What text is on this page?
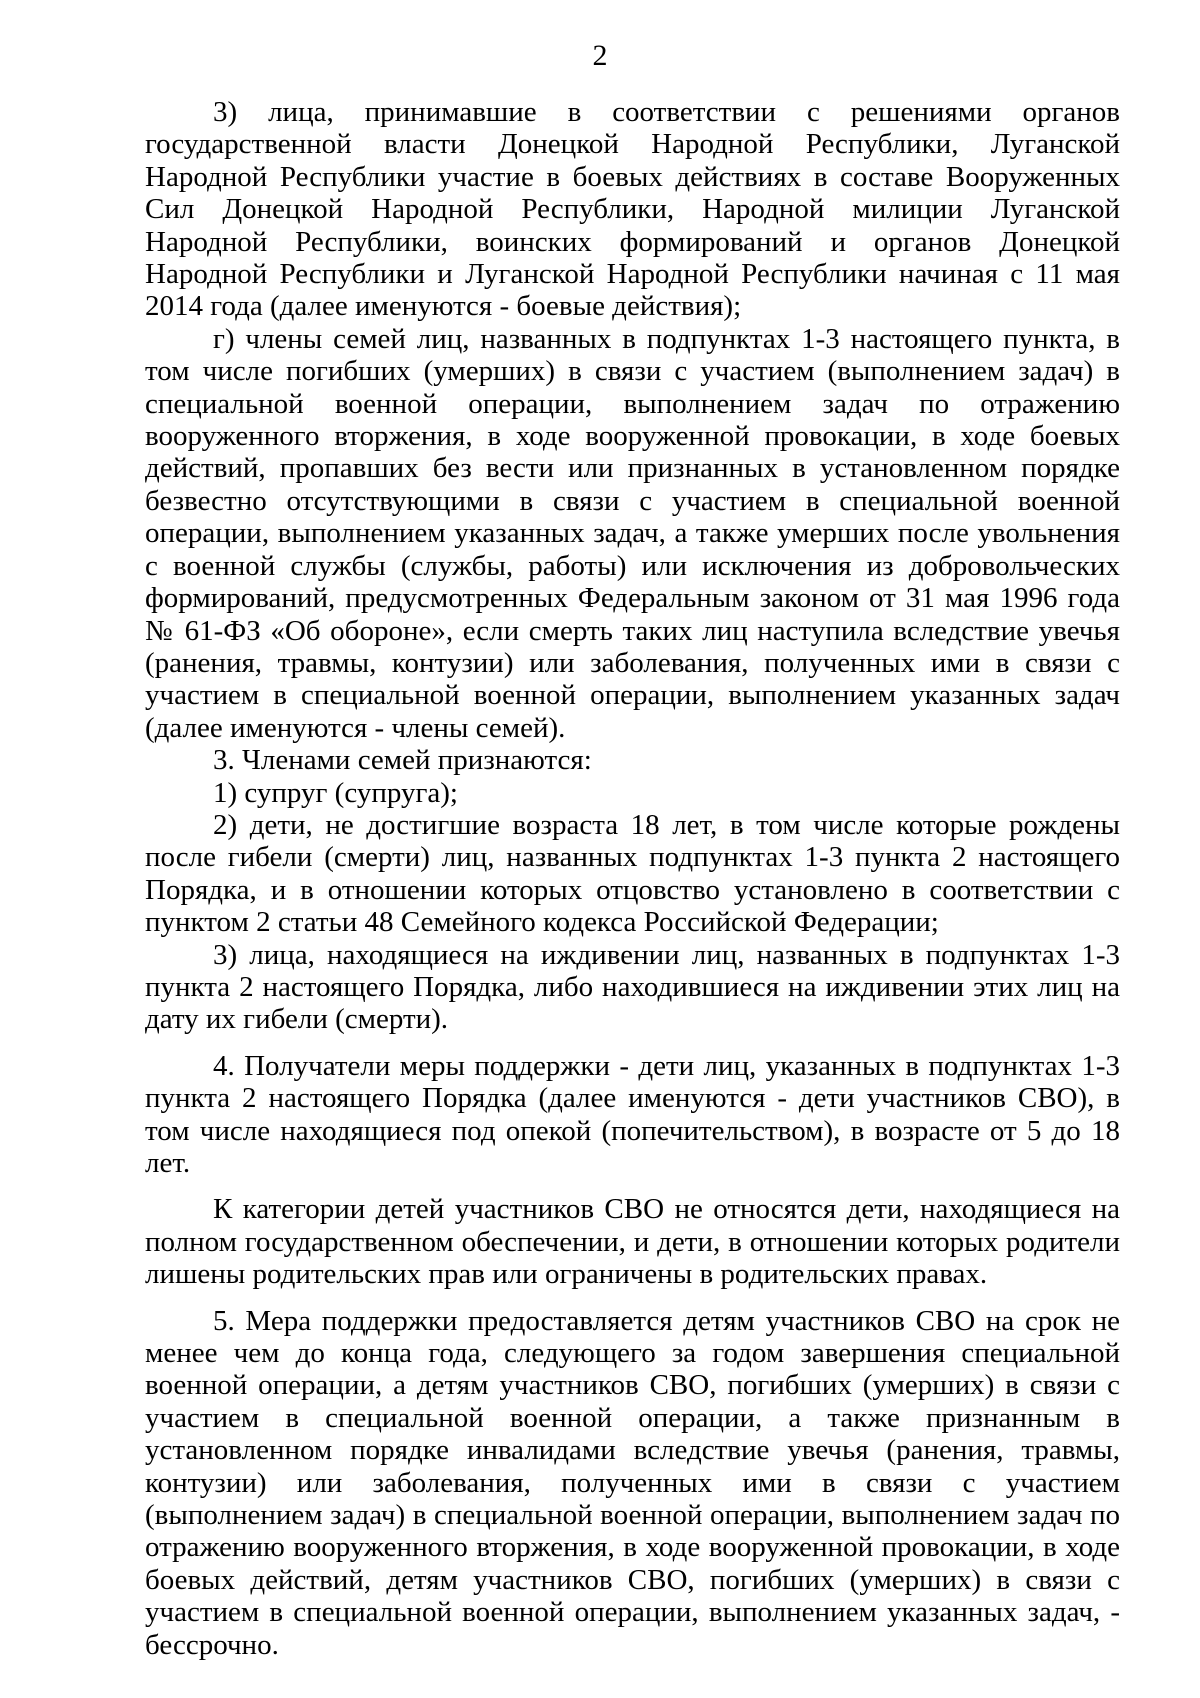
2

3) лица, принимавшие в соответствии с решениями органов государственной власти Донецкой Народной Республики, Луганской Народной Республики участие в боевых действиях в составе Вооруженных Сил Донецкой Народной Республики, Народной милиции Луганской Народной Республики, воинских формирований и органов Донецкой Народной Республики и Луганской Народной Республики начиная с 11 мая 2014 года (далее именуются - боевые действия);

г) члены семей лиц, названных в подпунктах 1-3 настоящего пункта, в том числе погибших (умерших) в связи с участием (выполнением задач) в специальной военной операции, выполнением задач по отражению вооруженного вторжения, в ходе вооруженной провокации, в ходе боевых действий, пропавших без вести или признанных в установленном порядке безвестно отсутствующими в связи с участием в специальной военной операции, выполнением указанных задач, а также умерших после увольнения с военной службы (службы, работы) или исключения из добровольческих формирований, предусмотренных Федеральным законом от 31 мая 1996 года № 61-ФЗ «Об обороне», если смерть таких лиц наступила вследствие увечья (ранения, травмы, контузии) или заболевания, полученных ими в связи с участием в специальной военной операции, выполнением указанных задач (далее именуются - члены семей).

3. Членами семей признаются:

1) супруг (супруга);

2) дети, не достигшие возраста 18 лет, в том числе которые рождены после гибели (смерти) лиц, названных подпунктах 1-3 пункта 2 настоящего Порядка, и в отношении которых отцовство установлено в соответствии с пунктом 2 статьи 48 Семейного кодекса Российской Федерации;

3) лица, находящиеся на иждивении лиц, названных в подпунктах 1-3 пункта 2 настоящего Порядка, либо находившиеся на иждивении этих лиц на дату их гибели (смерти).

4. Получатели меры поддержки - дети лиц, указанных в подпунктах 1-3 пункта 2 настоящего Порядка (далее именуются - дети участников СВО), в том числе находящиеся под опекой (попечительством), в возрасте от 5 до 18 лет.

К категории детей участников СВО не относятся дети, находящиеся на полном государственном обеспечении, и дети, в отношении которых родители лишены родительских прав или ограничены в родительских правах.

5. Мера поддержки предоставляется детям участников СВО на срок не менее чем до конца года, следующего за годом завершения специальной военной операции, а детям участников СВО, погибших (умерших) в связи с участием в специальной военной операции, а также признанным в установленном порядке инвалидами вследствие увечья (ранения, травмы, контузии) или заболевания, полученных ими в связи с участием (выполнением задач) в специальной военной операции, выполнением задач по отражению вооруженного вторжения, в ходе вооруженной провокации, в ходе боевых действий, детям участников СВО, погибших (умерших) в связи с участием в специальной военной операции, выполнением указанных задач, - бессрочно.
